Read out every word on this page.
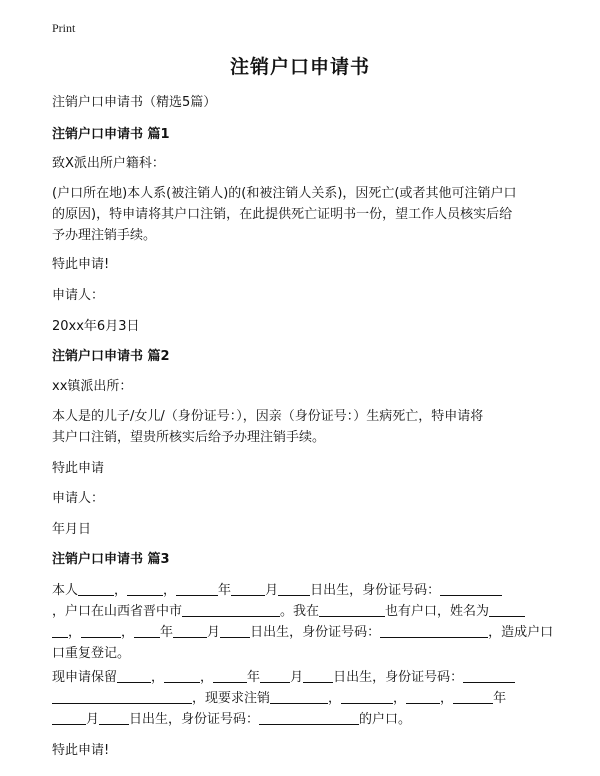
Print
注销户口申请书

注销户口申请书（精选5篇）

注销户口申请书 篇1

致X派出所户籍科：

(户口所在地)本人系(被注销人)的(和被注销人关系)，因死亡(或者其他可注销户口

的原因)，特申请将其户口注销，在此提供死亡证明书一份，望工作人员核实后给

予办理注销手续。

特此申请!

申请人：

20xx年6月3日

注销户口申请书 篇2

xx镇派出所：

本人是的儿子/女儿/（身份证号：），因亲（身份证号：）生病死亡，特申请将

其户口注销，望贵所核实后给予办理注销手续。

特此申请

申请人：

年月日

注销户口申请书 篇3

本人	，	，	年	月 日出生，身份证号码：

，户口在山西省晋中市	。我在	也有户口，姓名为

，	， 年	月 日出生，身份证号码：	，造成户口

口重复登记。

现申请保留	，	，	年 月 日出生，身份证号码：

，现要求注销	，	，	，	年

月 日出生，身份证号码：	的户口。

特此申请!
